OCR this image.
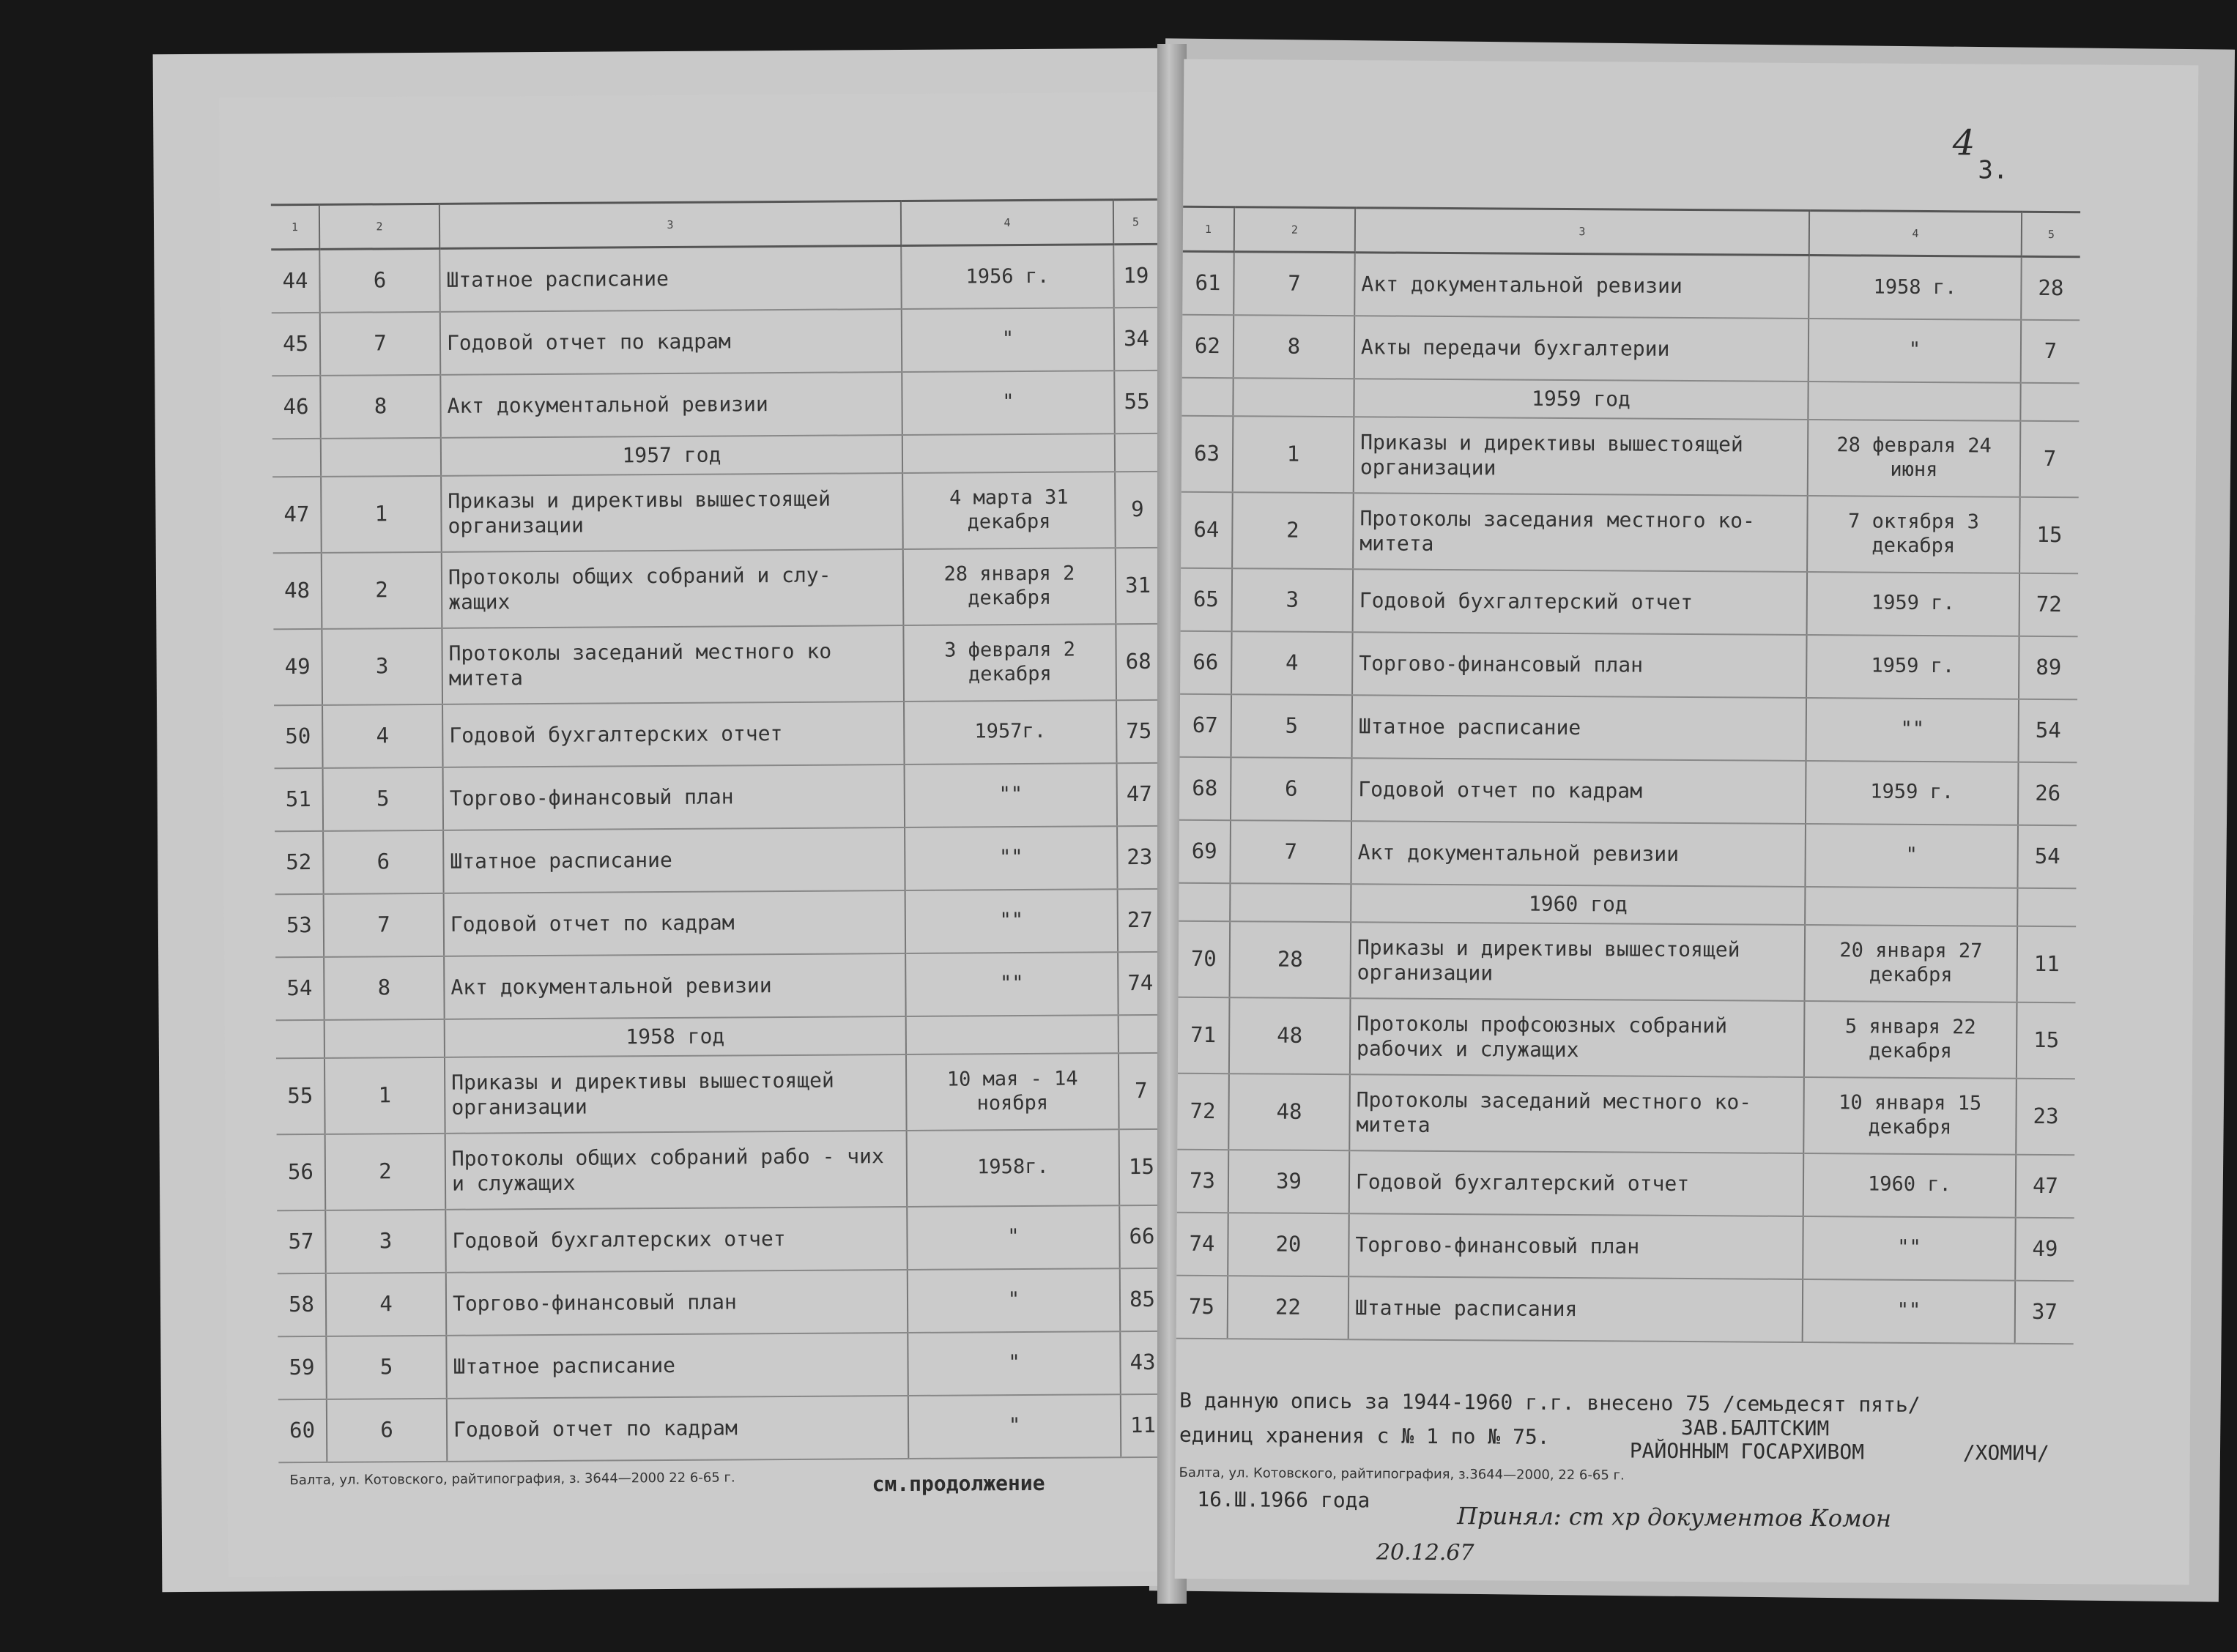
1	2	3	4	5
44	6	Штатное расписание	1956 г.	19
45	7	Годовой отчет по кадрам	"	34
46	8	Акт документальной ревизии	"	55
		1957 год		
47	1	Приказы и директивы вышестоящей организации	4 марта 31 декабря	9
48	2	Протоколы общих собраний и слу- жащих	28 января 2 декабря	31
49	3	Протоколы заседаний местного ко митета	3 февраля 2 декабря	68
50	4	Годовой бухгалтерских отчет	1957г.	75
51	5	Торгово-финансовый план	""	47
52	6	Штатное расписание	""	23
53	7	Годовой отчет по кадрам	""	27
54	8	Акт документальной ревизии	""	74
		1958 год		
55	1	Приказы и директивы вышестоящей организации	10 мая - 14 ноября	7
56	2	Протоколы общих собраний рабо - чих и служащих	1958г.	15
57	3	Годовой бухгалтерских отчет	"	66
58	4	Торгово-финансовый план	"	85
59	5	Штатное расписание	"	43
60	6	Годовой отчет по кадрам	"	11
Балта, ул. Котовского, райтипография, з. 3644—2000 22 6-65 г.	см.продолжение
4
3.
1	2	3	4	5
61	7	Акт документальной ревизии	1958 г.	28
62	8	Акты передачи бухгалтерии	"	7
		1959 год		
63	1	Приказы и директивы вышестоящей организации	28 февраля 24 июня	7
64	2	Протоколы заседания местного ко- митета	7 октября 3 декабря	15
65	3	Годовой бухгалтерский отчет	1959 г.	72
66	4	Торгово-финансовый план	1959 г.	89
67	5	Штатное расписание	""	54
68	6	Годовой отчет по кадрам	1959 г.	26
69	7	Акт документальной ревизии	"	54
		1960 год		
70	28	Приказы и директивы вышестоящей организации	20 января 27 декабря	11
71	48	Протоколы профсоюзных собраний рабочих и служащих	5 января 22 декабря	15
72	48	Протоколы заседаний местного ко- митета	10 января 15 декабря	23
73	39	Годовой бухгалтерский отчет	1960 г.	47
74	20	Торгово-финансовый план	""	49
75	22	Штатные расписания	""	37
В данную опись за 1944-1960 г.г. внесено 75 /семьдесят пять/
единиц хранения с № 1 по № 75.	ЗАВ.БАЛТСКИМ
РАЙОННЫМ ГОСАРХИВОМ	/ХОМИЧ/
Балта, ул. Котовского, райтипография, з.3644—2000, 22 6-65 г.
16.Ш.1966 года
Принял: ст хр документов Комон
20.12.67
